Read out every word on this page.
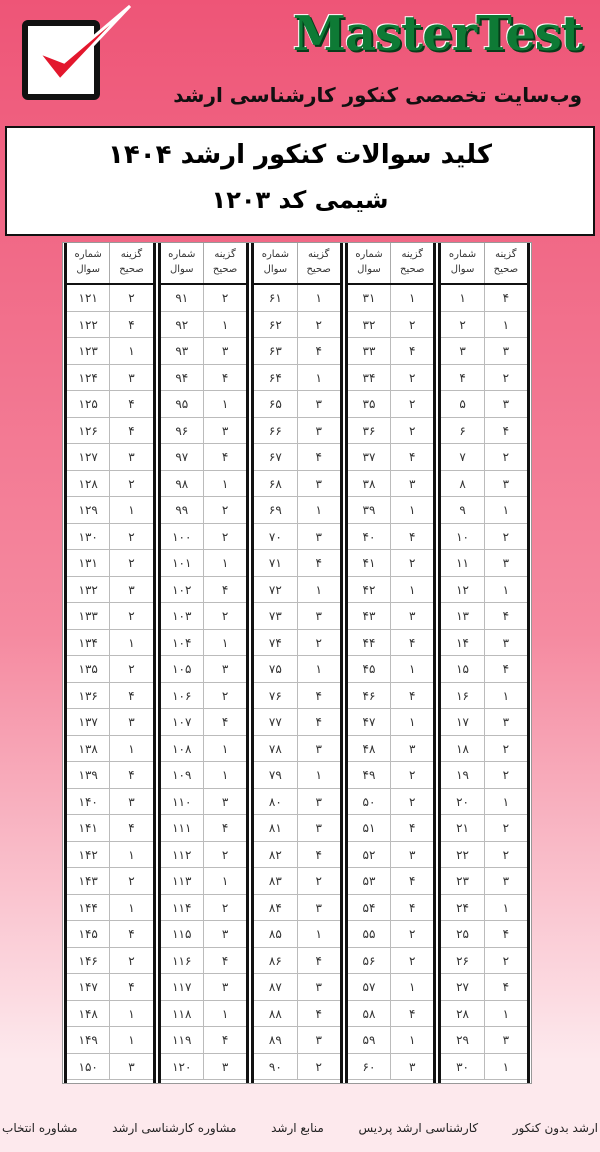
MasterTest
وب‌سایت تخصصی کنکور کارشناسی ارشد
کلید سوالات کنکور ارشد ۱۴۰۴
شیمی کد ۱۲۰۳
گزینه
صحیح
شماره
سوال
۴
۱
۱
۲
۳
۳
۲
۴
۳
۵
۴
۶
۲
۷
۳
۸
۱
۹
۲
۱۰
۳
۱۱
۱
۱۲
۴
۱۳
۳
۱۴
۴
۱۵
۱
۱۶
۳
۱۷
۲
۱۸
۲
۱۹
۱
۲۰
۲
۲۱
۲
۲۲
۳
۲۳
۱
۲۴
۴
۲۵
۲
۲۶
۴
۲۷
۱
۲۸
۳
۲۹
۱
۳۰
گزینه
صحیح
شماره
سوال
۱
۳۱
۲
۳۲
۴
۳۳
۲
۳۴
۲
۳۵
۲
۳۶
۴
۳۷
۳
۳۸
۱
۳۹
۴
۴۰
۲
۴۱
۱
۴۲
۳
۴۳
۴
۴۴
۱
۴۵
۴
۴۶
۱
۴۷
۳
۴۸
۲
۴۹
۲
۵۰
۴
۵۱
۳
۵۲
۴
۵۳
۴
۵۴
۲
۵۵
۲
۵۶
۱
۵۷
۴
۵۸
۱
۵۹
۳
۶۰
گزینه
صحیح
شماره
سوال
۱
۶۱
۲
۶۲
۴
۶۳
۱
۶۴
۳
۶۵
۳
۶۶
۴
۶۷
۳
۶۸
۱
۶۹
۳
۷۰
۴
۷۱
۱
۷۲
۳
۷۳
۲
۷۴
۱
۷۵
۴
۷۶
۴
۷۷
۳
۷۸
۱
۷۹
۳
۸۰
۳
۸۱
۴
۸۲
۲
۸۳
۳
۸۴
۱
۸۵
۴
۸۶
۳
۸۷
۴
۸۸
۳
۸۹
۲
۹۰
گزینه
صحیح
شماره
سوال
۲
۹۱
۱
۹۲
۳
۹۳
۴
۹۴
۱
۹۵
۳
۹۶
۴
۹۷
۱
۹۸
۲
۹۹
۲
۱۰۰
۱
۱۰۱
۴
۱۰۲
۲
۱۰۳
۱
۱۰۴
۳
۱۰۵
۲
۱۰۶
۴
۱۰۷
۱
۱۰۸
۱
۱۰۹
۳
۱۱۰
۴
۱۱۱
۲
۱۱۲
۱
۱۱۳
۲
۱۱۴
۳
۱۱۵
۴
۱۱۶
۳
۱۱۷
۱
۱۱۸
۴
۱۱۹
۳
۱۲۰
گزینه
صحیح
شماره
سوال
۲
۱۲۱
۴
۱۲۲
۱
۱۲۳
۳
۱۲۴
۴
۱۲۵
۴
۱۲۶
۳
۱۲۷
۲
۱۲۸
۱
۱۲۹
۲
۱۳۰
۲
۱۳۱
۳
۱۳۲
۲
۱۳۳
۱
۱۳۴
۲
۱۳۵
۴
۱۳۶
۳
۱۳۷
۱
۱۳۸
۴
۱۳۹
۳
۱۴۰
۴
۱۴۱
۱
۱۴۲
۲
۱۴۳
۱
۱۴۴
۴
۱۴۵
۲
۱۴۶
۴
۱۴۷
۱
۱۴۸
۱
۱۴۹
۳
۱۵۰
ارشد بدون کنکور
کارشناسی ارشد پردیس
منابع ارشد
مشاوره کارشناسی ارشد
مشاوره انتخاب
